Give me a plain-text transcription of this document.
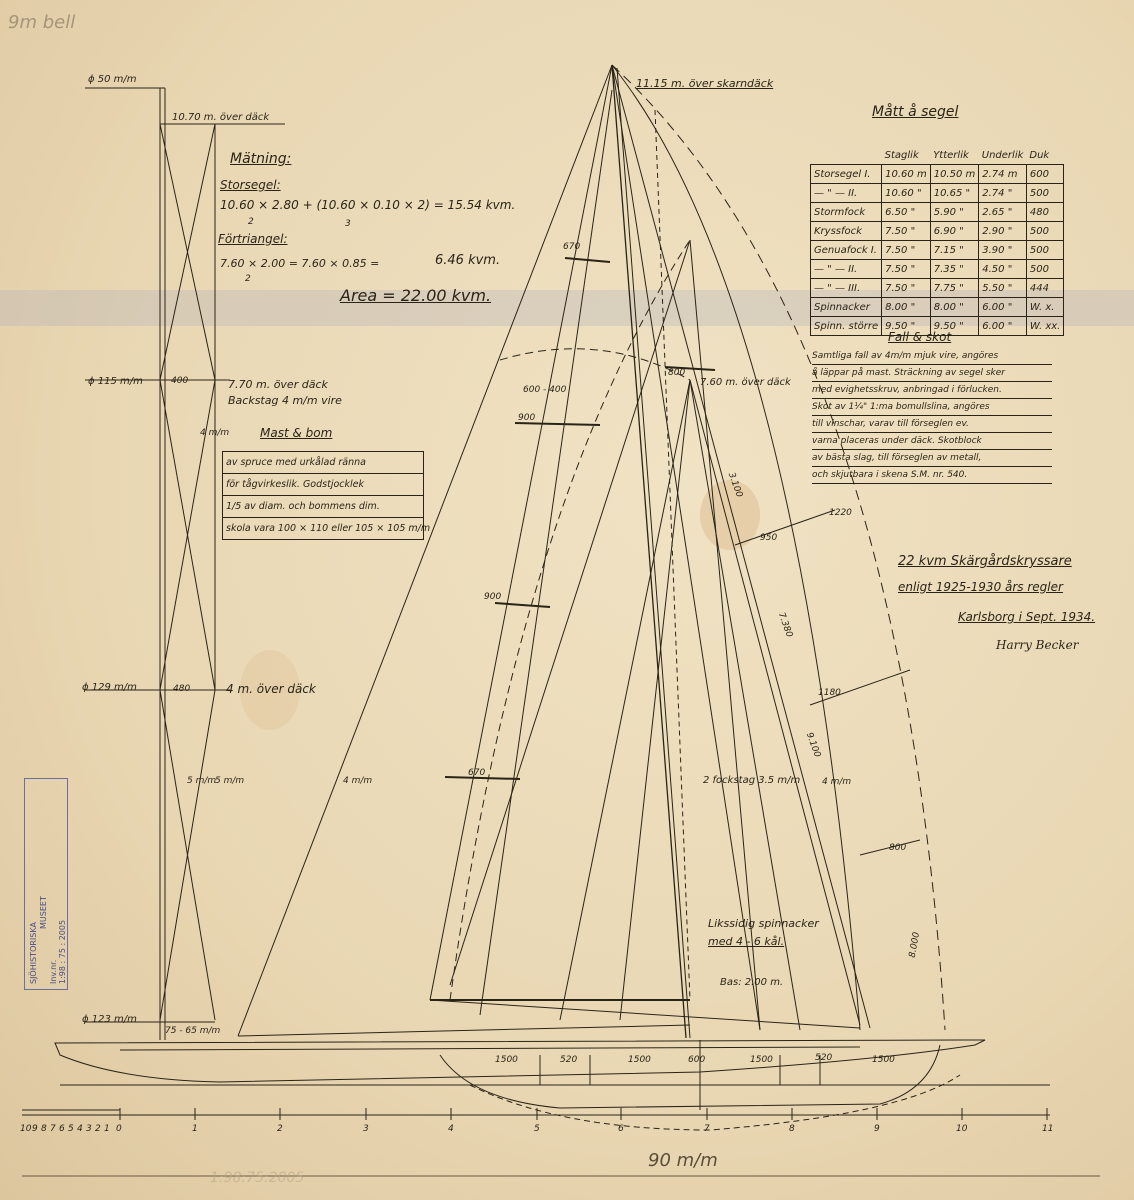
9m bell
ϕ 50 m/m
10.70 m. över däck
ϕ 115 m/m	400	7.70 m. över däck
Backstag 4 m/m vire
4 m/m
ϕ 129 m/m	480	4 m. över däck
5 m/m
5 m/m
ϕ 123 m/m
75 - 65 m/m
Mätning:
Storsegel:
10.60 × 2.80 + (10.60 × 0.10 × 2) = 15.54 kvm.
2	3
Förtriangel:
7.60 × 2.00 = 7.60 × 0.85 =	6.46 kvm.
2
Area = 22.00 kvm.
Mast & bom
av spruce med urkålad ränna
för tågvirkeslik. Godstjocklek
1/5 av diam. och bommens dim.
skola vara 100 × 110 eller 105 × 105 m/m
Mått å segel
	Staglik	Ytterlik	Underlik	Duk
Storsegel I.	10.60 m	10.50 m	2.74 m	600
— " — II.	10.60 "	10.65 "	2.74 "	500
Stormfock	6.50 "	5.90 "	2.65 "	480
Kryssfock	7.50 "	6.90 "	2.90 "	500
Genuafock I.	7.50 "	7.15 "	3.90 "	500
— " — II.	7.50 "	7.35 "	4.50 "	500
— " — III.	7.50 "	7.75 "	5.50 "	444
Spinnacker	8.00 "	8.00 "	6.00 "	W. x.
Spinn. större	9.50 "	9.50 "	6.00 "	W. xx.
Fall & skot
Samtliga fall av 4m/m mjuk vire, angöres
å läppar på mast. Sträckning av segel sker
med evighetsskruv, anbringad i förlucken.
Skot av 1¼" 1:ma bomullslina, angöres
till vinschar, varav till förseglen ev.
varna placeras under däck. Skotblock
av bästa slag, till förseglen av metall,
och skjutbara i skena S.M. nr. 540.
22 kvm Skärgårdskryssare
enligt 1925-1930 års regler
Karlsborg i Sept. 1934.
Harry Becker
11.15 m. över skarndäck
7.60 m. över däck
2 fockstag 3.5 m/m
4 m/m	4 m/m
670
600 - 400
900
900
670
800
950
1220
1180
800
3.100
7.380
9.100
8.000
Likssidig spinnacker
med 4 - 6 kål.
Bas: 2.00 m.
1500	520	1500	600	1500	520	1500
10 9 8 7 6 5 4 3 2 1 0	1	2	3	4	5	6	7	8	9	10	11
90 m/m
1:98:75:2005
SJÖHISTORISKA
MUSEET
Inv.nr. 1:98 : 75 : 2005
